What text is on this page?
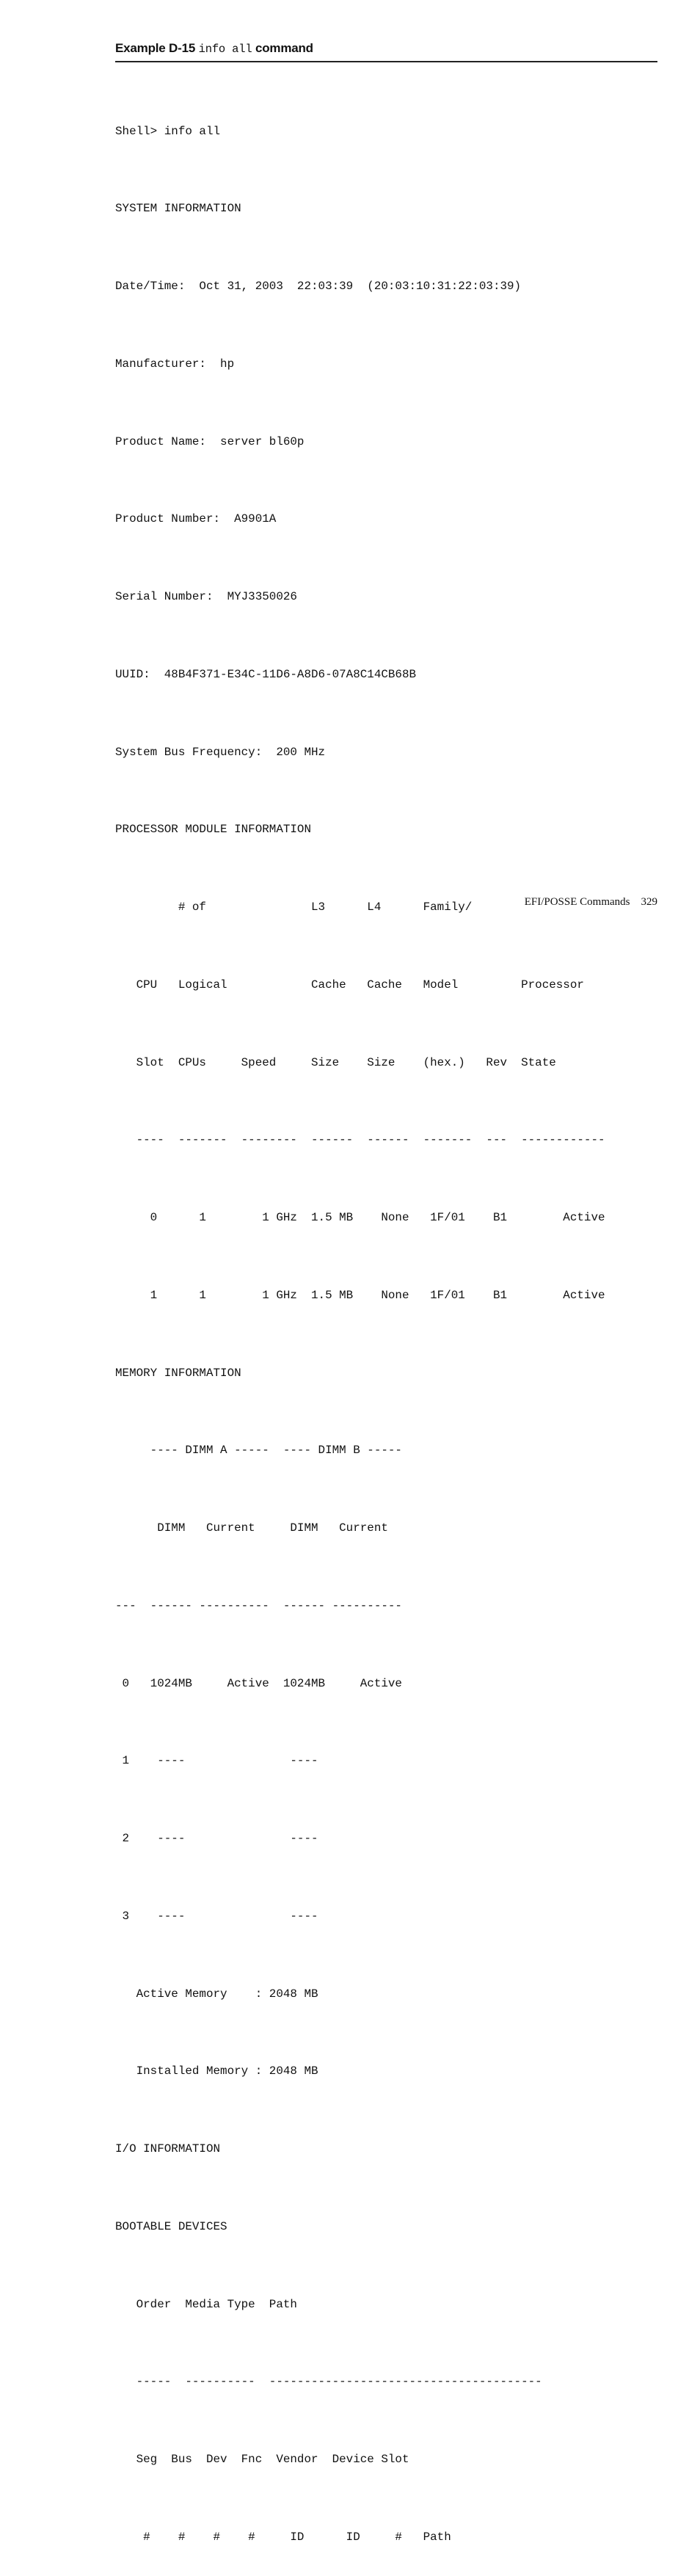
Example D-15 info all command

Shell> info all

SYSTEM INFORMATION

Date/Time:  Oct 31, 2003  22:03:39  (20:03:10:31:22:03:39)

Manufacturer:  hp

Product Name:  server bl60p

Product Number:  A9901A

Serial Number:  MYJ3350026

UUID:  48B4F371-E34C-11D6-A8D6-07A8C14CB68B

System Bus Frequency:  200 MHz

PROCESSOR MODULE INFORMATION

# of               L3      L4      Family/

CPU   Logical            Cache   Cache   Model         Processor

Slot  CPUs     Speed     Size    Size    (hex.)   Rev  State

----  -------  --------  ------  ------  -------  ---  ------------

0      1        1 GHz  1.5 MB    None   1F/01    B1        Active

1      1        1 GHz  1.5 MB    None   1F/01    B1        Active

MEMORY INFORMATION

---- DIMM A -----  ---- DIMM B -----

DIMM   Current     DIMM   Current

---  ------ ----------  ------ ----------

0   1024MB     Active  1024MB     Active

1    ----               ----

2    ----               ----

3    ----               ----

Active Memory    : 2048 MB

Installed Memory : 2048 MB

I/O INFORMATION

BOOTABLE DEVICES

Order  Media Type  Path

-----  ----------  ---------------------------------------

Seg  Bus  Dev  Fnc  Vendor  Device Slot

#    #    #    #     ID      ID     #   Path

EFI/POSSE Commands 329
